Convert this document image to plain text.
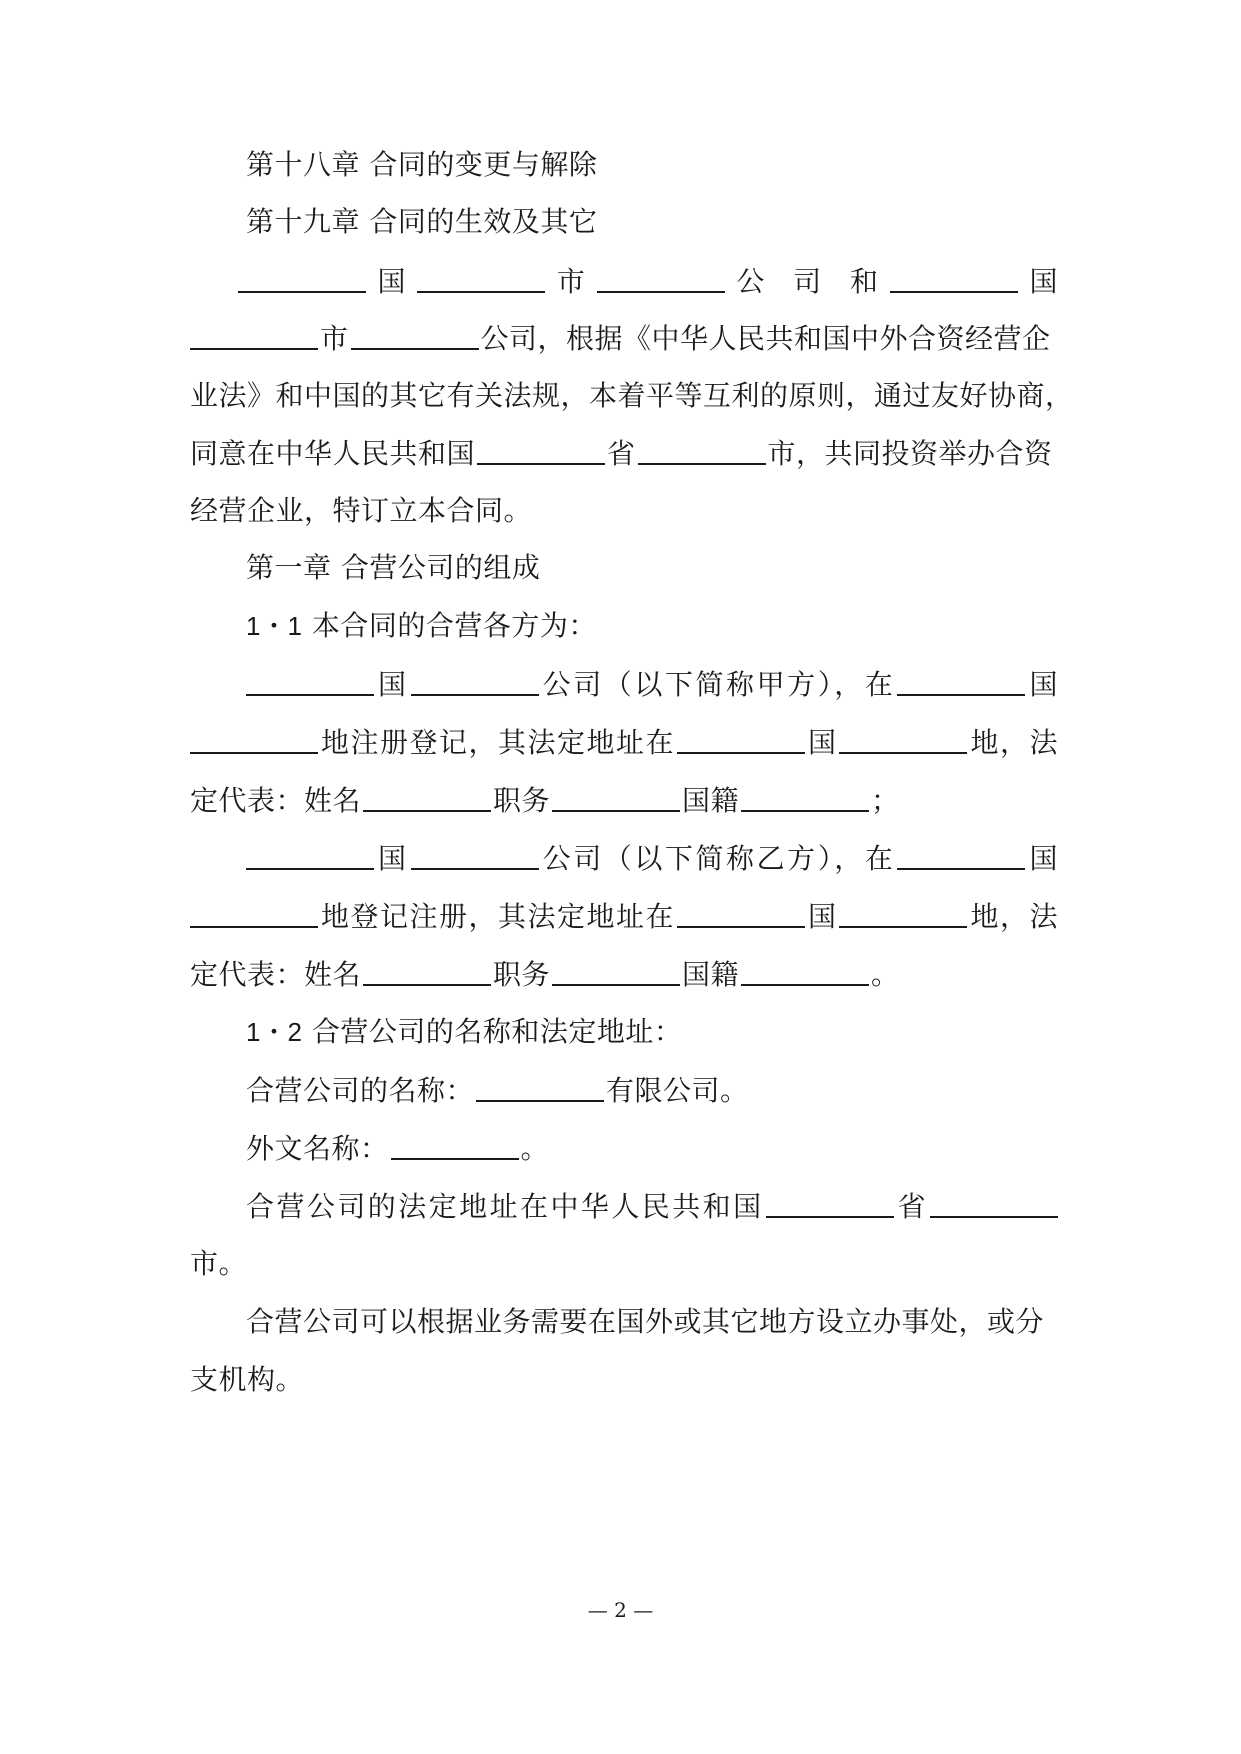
第十八章 合同的变更与解除
第十九章 合同的生效及其它
国	市	公 司 和	国
市	公司，根据《中华人民共和国中外合资经营企
业法》和中国的其它有关法规，本着平等互利的原则，通过友好协商，
同意在中华人民共和国	省	市，共同投资举办合资
经营企业，特订立本合同。
第一章 合营公司的组成
1・1 本合同的合营各方为：
国	公司（以下简称甲方），在	国
地注册登记，其法定地址在	国	地，法
定代表：姓名	职务	国籍	；
国	公司（以下简称乙方），在	国
地登记注册，其法定地址在	国	地，法
定代表：姓名	职务	国籍	。
1・2 合营公司的名称和法定地址：
合营公司的名称：	有限公司。
外文名称：	。
合营公司的法定地址在中华人民共和国	省
市。
合营公司可以根据业务需要在国外或其它地方设立办事处，或分
支机构。
— 2 —
